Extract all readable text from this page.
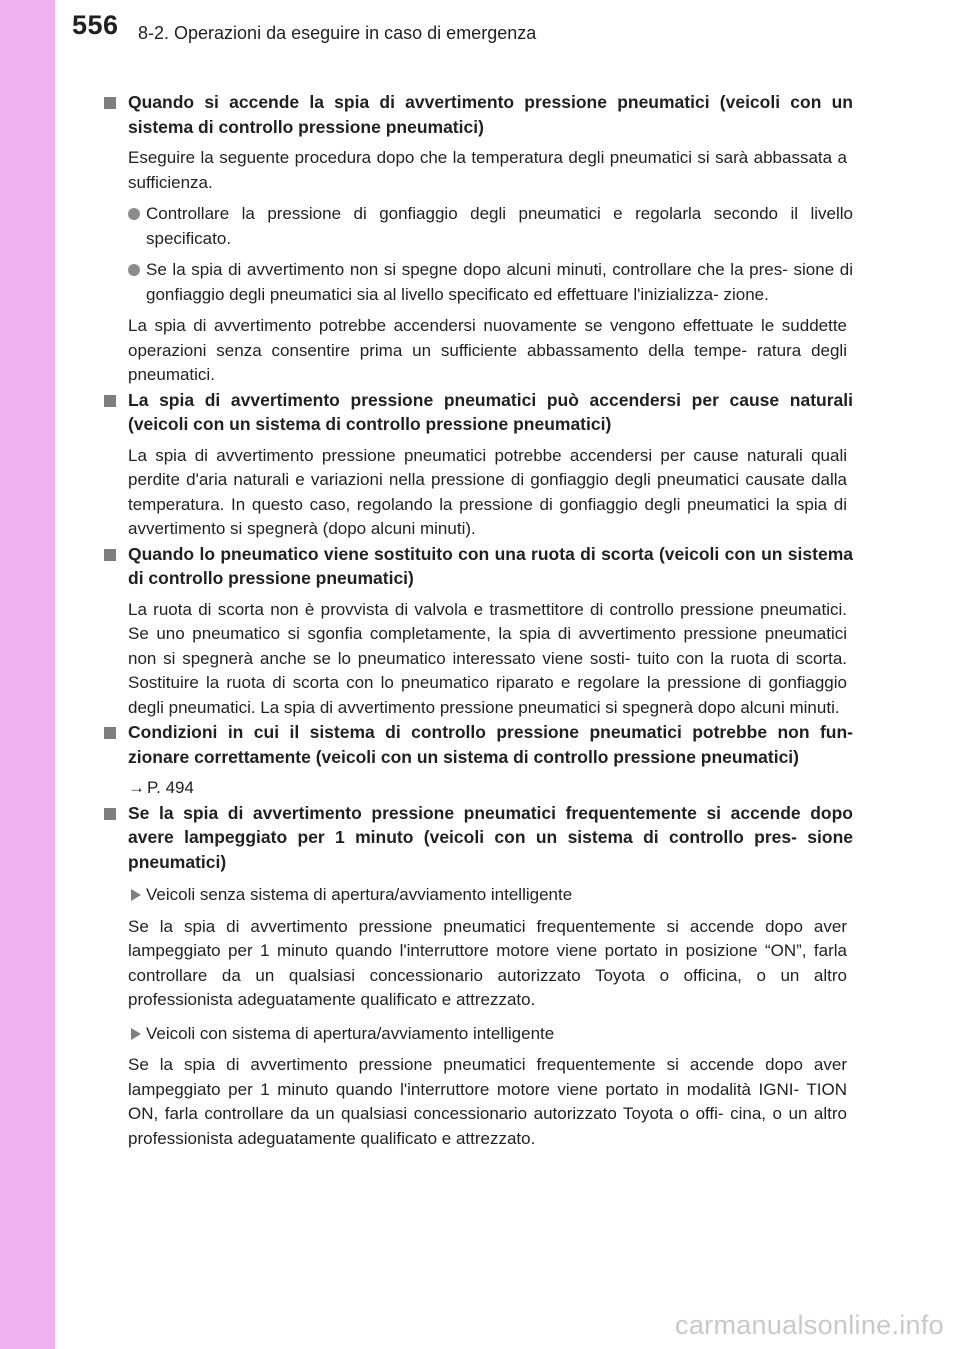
556 8-2. Operazioni da eseguire in caso di emergenza
Quando si accende la spia di avvertimento pressione pneumatici (veicoli con un sistema di controllo pressione pneumatici)
Eseguire la seguente procedura dopo che la temperatura degli pneumatici si sarà abbassata a sufficienza.
Controllare la pressione di gonfiaggio degli pneumatici e regolarla secondo il livello specificato.
Se la spia di avvertimento non si spegne dopo alcuni minuti, controllare che la pres- sione di gonfiaggio degli pneumatici sia al livello specificato ed effettuare l'inizializza- zione.
La spia di avvertimento potrebbe accendersi nuovamente se vengono effettuate le suddette operazioni senza consentire prima un sufficiente abbassamento della tempe- ratura degli pneumatici.
La spia di avvertimento pressione pneumatici può accendersi per cause naturali (veicoli con un sistema di controllo pressione pneumatici)
La spia di avvertimento pressione pneumatici potrebbe accendersi per cause naturali quali perdite d'aria naturali e variazioni nella pressione di gonfiaggio degli pneumatici causate dalla temperatura. In questo caso, regolando la pressione di gonfiaggio degli pneumatici la spia di avvertimento si spegnerà (dopo alcuni minuti).
Quando lo pneumatico viene sostituito con una ruota di scorta (veicoli con un sistema di controllo pressione pneumatici)
La ruota di scorta non è provvista di valvola e trasmettitore di controllo pressione pneumatici. Se uno pneumatico si sgonfia completamente, la spia di avvertimento pressione pneumatici non si spegnerà anche se lo pneumatico interessato viene sosti- tuito con la ruota di scorta. Sostituire la ruota di scorta con lo pneumatico riparato e regolare la pressione di gonfiaggio degli pneumatici. La spia di avvertimento pressione pneumatici si spegnerà dopo alcuni minuti.
Condizioni in cui il sistema di controllo pressione pneumatici potrebbe non fun- zionare correttamente (veicoli con un sistema di controllo pressione pneumatici)
→ P. 494
Se la spia di avvertimento pressione pneumatici frequentemente si accende dopo avere lampeggiato per 1 minuto (veicoli con un sistema di controllo pres- sione pneumatici)
Veicoli senza sistema di apertura/avviamento intelligente
Se la spia di avvertimento pressione pneumatici frequentemente si accende dopo aver lampeggiato per 1 minuto quando l'interruttore motore viene portato in posizione “ON”, farla controllare da un qualsiasi concessionario autorizzato Toyota o officina, o un altro professionista adeguatamente qualificato e attrezzato.
Veicoli con sistema di apertura/avviamento intelligente
Se la spia di avvertimento pressione pneumatici frequentemente si accende dopo aver lampeggiato per 1 minuto quando l'interruttore motore viene portato in modalità IGNI- TION ON, farla controllare da un qualsiasi concessionario autorizzato Toyota o offi- cina, o un altro professionista adeguatamente qualificato e attrezzato.
carmanualsonline.info
